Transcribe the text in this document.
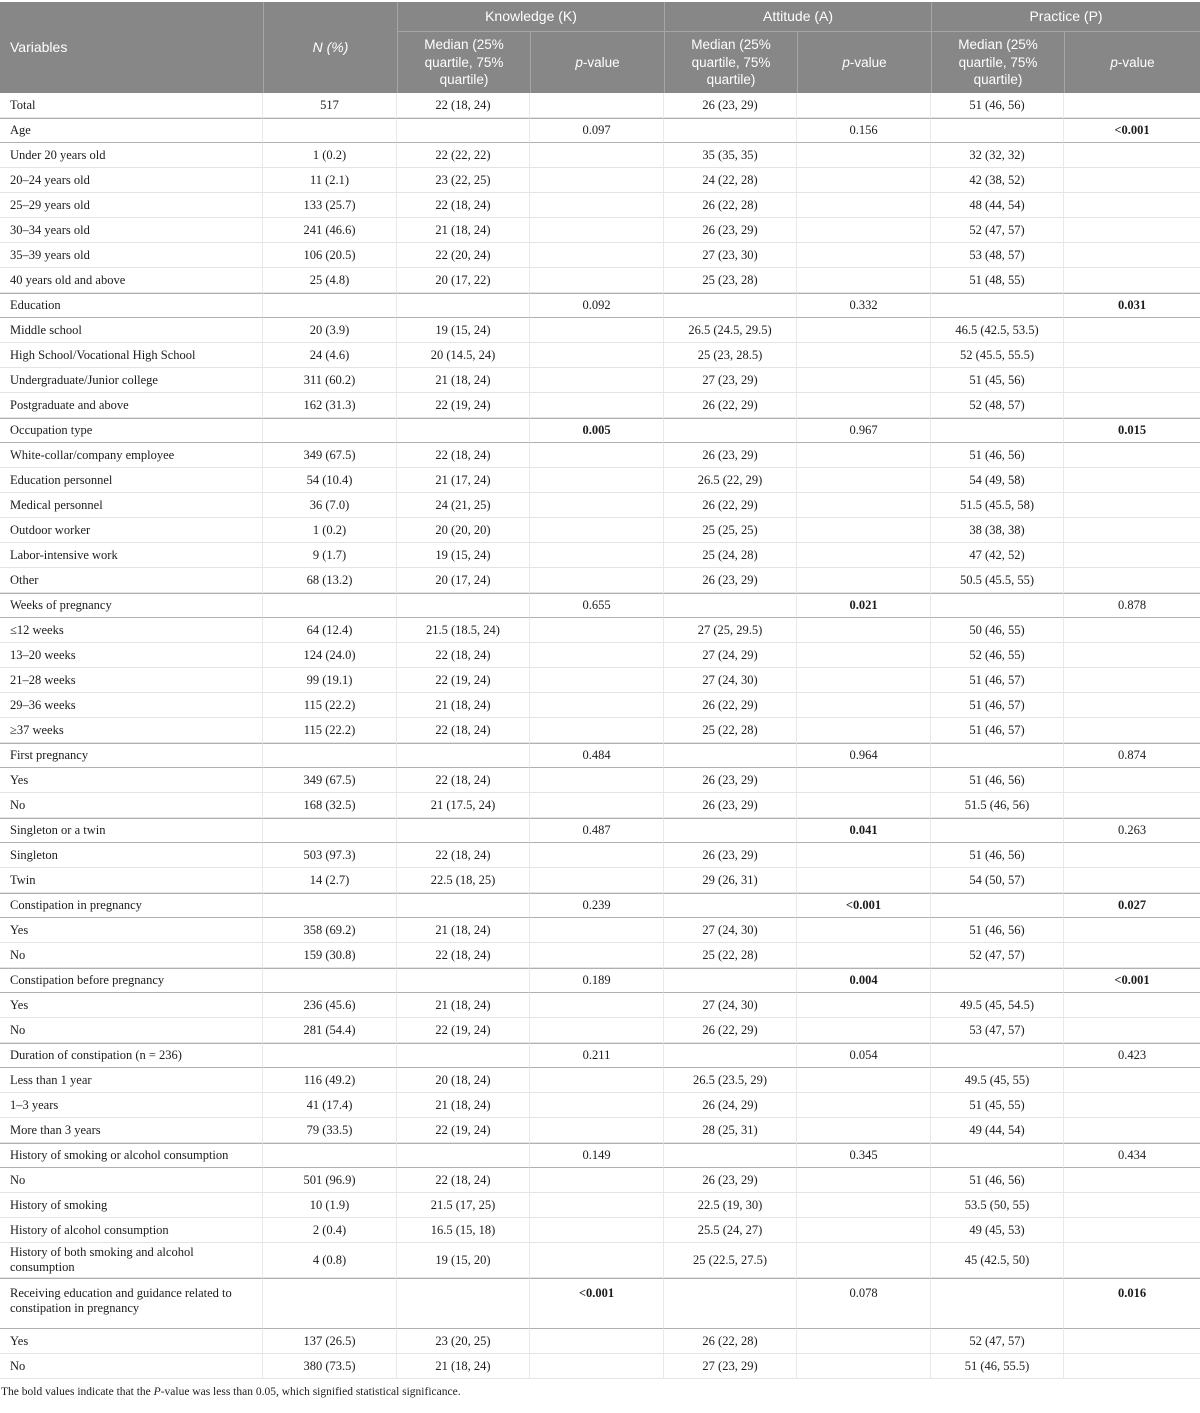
Variables	N (%)	Knowledge (K)		Attitude (A)		Practice (P)	
		Median (25% quartile, 75% quartile)	p-value	Median (25% quartile, 75% quartile)	p-value	Median (25% quartile, 75% quartile)	p-value
Total	517	22 (18, 24)		26 (23, 29)		51 (46, 56)	
Age			0.097		0.156		<0.001
Under 20 years old	1 (0.2)	22 (22, 22)		35 (35, 35)		32 (32, 32)	
20–24 years old	11 (2.1)	23 (22, 25)		24 (22, 28)		42 (38, 52)	
25–29 years old	133 (25.7)	22 (18, 24)		26 (22, 28)		48 (44, 54)	
30–34 years old	241 (46.6)	21 (18, 24)		26 (23, 29)		52 (47, 57)	
35–39 years old	106 (20.5)	22 (20, 24)		27 (23, 30)		53 (48, 57)	
40 years old and above	25 (4.8)	20 (17, 22)		25 (23, 28)		51 (48, 55)	
Education			0.092		0.332		0.031
Middle school	20 (3.9)	19 (15, 24)		26.5 (24.5, 29.5)		46.5 (42.5, 53.5)	
High School/Vocational High School	24 (4.6)	20 (14.5, 24)		25 (23, 28.5)		52 (45.5, 55.5)	
Undergraduate/Junior college	311 (60.2)	21 (18, 24)		27 (23, 29)		51 (45, 56)	
Postgraduate and above	162 (31.3)	22 (19, 24)		26 (22, 29)		52 (48, 57)	
Occupation type			0.005		0.967		0.015
White-collar/company employee	349 (67.5)	22 (18, 24)		26 (23, 29)		51 (46, 56)	
Education personnel	54 (10.4)	21 (17, 24)		26.5 (22, 29)		54 (49, 58)	
Medical personnel	36 (7.0)	24 (21, 25)		26 (22, 29)		51.5 (45.5, 58)	
Outdoor worker	1 (0.2)	20 (20, 20)		25 (25, 25)		38 (38, 38)	
Labor-intensive work	9 (1.7)	19 (15, 24)		25 (24, 28)		47 (42, 52)	
Other	68 (13.2)	20 (17, 24)		26 (23, 29)		50.5 (45.5, 55)	
Weeks of pregnancy			0.655		0.021		0.878
≤12 weeks	64 (12.4)	21.5 (18.5, 24)		27 (25, 29.5)		50 (46, 55)	
13–20 weeks	124 (24.0)	22 (18, 24)		27 (24, 29)		52 (46, 55)	
21–28 weeks	99 (19.1)	22 (19, 24)		27 (24, 30)		51 (46, 57)	
29–36 weeks	115 (22.2)	21 (18, 24)		26 (22, 29)		51 (46, 57)	
≥37 weeks	115 (22.2)	22 (18, 24)		25 (22, 28)		51 (46, 57)	
First pregnancy			0.484		0.964		0.874
Yes	349 (67.5)	22 (18, 24)		26 (23, 29)		51 (46, 56)	
No	168 (32.5)	21 (17.5, 24)		26 (23, 29)		51.5 (46, 56)	
Singleton or a twin			0.487		0.041		0.263
Singleton	503 (97.3)	22 (18, 24)		26 (23, 29)		51 (46, 56)	
Twin	14 (2.7)	22.5 (18, 25)		29 (26, 31)		54 (50, 57)	
Constipation in pregnancy			0.239		<0.001		0.027
Yes	358 (69.2)	21 (18, 24)		27 (24, 30)		51 (46, 56)	
No	159 (30.8)	22 (18, 24)		25 (22, 28)		52 (47, 57)	
Constipation before pregnancy			0.189		0.004		<0.001
Yes	236 (45.6)	21 (18, 24)		27 (24, 30)		49.5 (45, 54.5)	
No	281 (54.4)	22 (19, 24)		26 (22, 29)		53 (47, 57)	
Duration of constipation (n = 236)			0.211		0.054		0.423
Less than 1 year	116 (49.2)	20 (18, 24)		26.5 (23.5, 29)		49.5 (45, 55)	
1–3 years	41 (17.4)	21 (18, 24)		26 (24, 29)		51 (45, 55)	
More than 3 years	79 (33.5)	22 (19, 24)		28 (25, 31)		49 (44, 54)	
History of smoking or alcohol consumption			0.149		0.345		0.434
No	501 (96.9)	22 (18, 24)		26 (23, 29)		51 (46, 56)	
History of smoking	10 (1.9)	21.5 (17, 25)		22.5 (19, 30)		53.5 (50, 55)	
History of alcohol consumption	2 (0.4)	16.5 (15, 18)		25.5 (24, 27)		49 (45, 53)	
History of both smoking and alcohol consumption	4 (0.8)	19 (15, 20)		25 (22.5, 27.5)		45 (42.5, 50)	
Receiving education and guidance related to constipation in pregnancy			<0.001		0.078		0.016
Yes	137 (26.5)	23 (20, 25)		26 (22, 28)		52 (47, 57)	
No	380 (73.5)	21 (18, 24)		27 (23, 29)		51 (46, 55.5)	
The bold values indicate that the P-value was less than 0.05, which signified statistical significance.
